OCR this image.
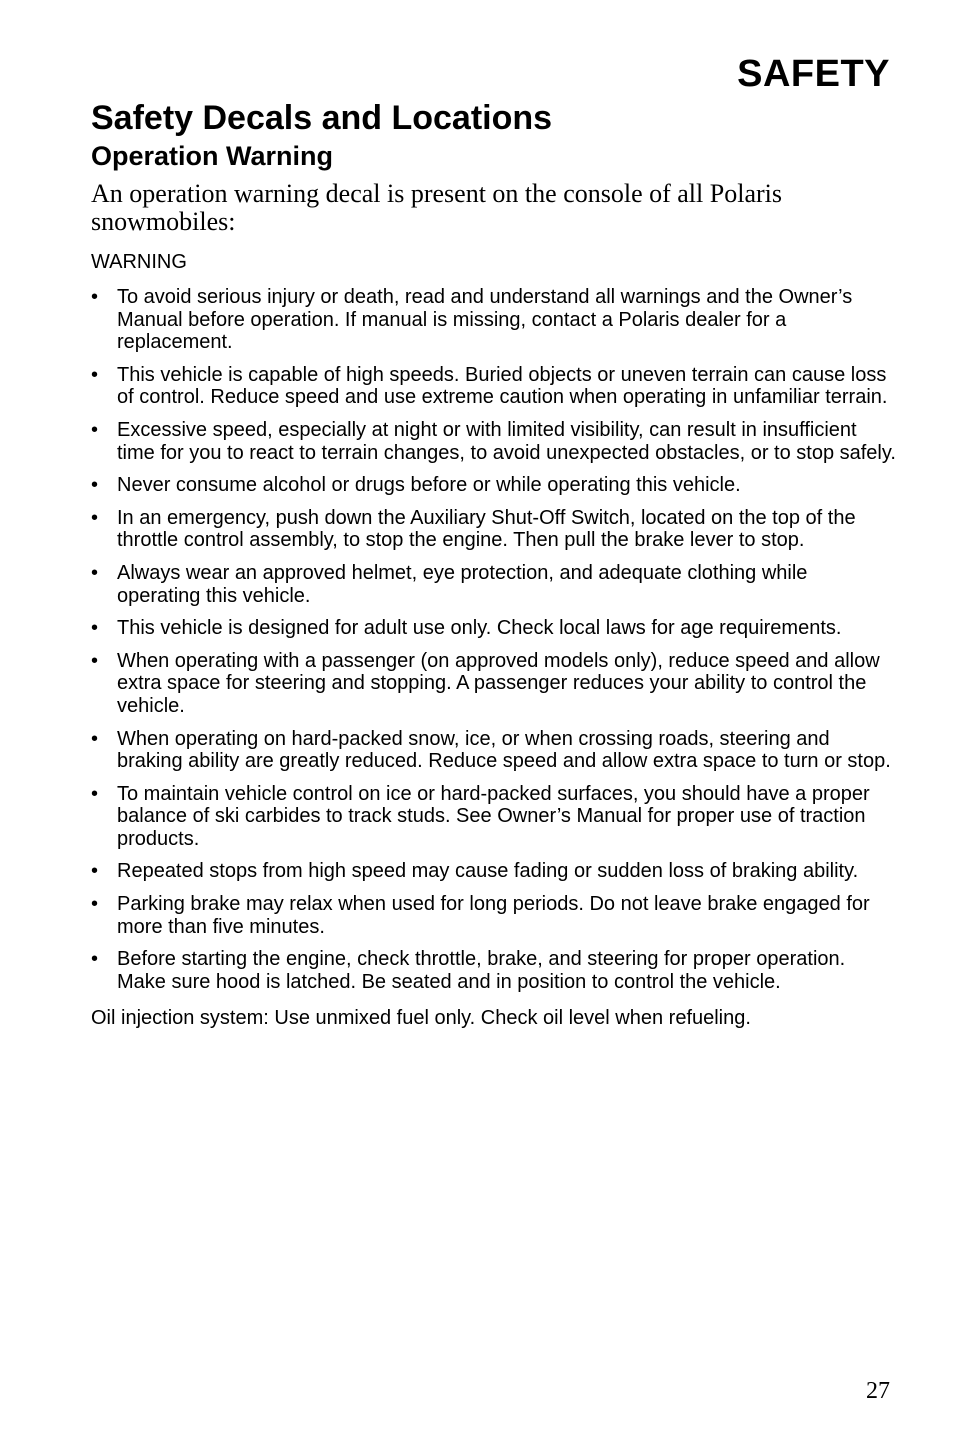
SAFETY
Safety Decals and Locations
Operation Warning

An operation warning decal is present on the console of all Polaris snowmobiles:

WARNING

• To avoid serious injury or death, read and understand all warnings and the Owner’s Manual before operation. If manual is missing, contact a Polaris dealer for a replacement.
• This vehicle is capable of high speeds. Buried objects or uneven terrain can cause loss of control. Reduce speed and use extreme caution when operating in unfamiliar terrain.
• Excessive speed, especially at night or with limited visibility, can result in insufficient time for you to react to terrain changes, to avoid unexpected obstacles, or to stop safely.
• Never consume alcohol or drugs before or while operating this vehicle.
• In an emergency, push down the Auxiliary Shut-Off Switch, located on the top of the throttle control assembly, to stop the engine. Then pull the brake lever to stop.
• Always wear an approved helmet, eye protection, and adequate clothing while operating this vehicle.
• This vehicle is designed for adult use only. Check local laws for age requirements.
• When operating with a passenger (on approved models only), reduce speed and allow extra space for steering and stopping. A passenger reduces your ability to control the vehicle.
• When operating on hard-packed snow, ice, or when crossing roads, steering and braking ability are greatly reduced. Reduce speed and allow extra space to turn or stop.
• To maintain vehicle control on ice or hard-packed surfaces, you should have a proper balance of ski carbides to track studs. See Owner’s Manual for proper use of traction products.
• Repeated stops from high speed may cause fading or sudden loss of braking ability.
• Parking brake may relax when used for long periods. Do not leave brake engaged for more than five minutes.
• Before starting the engine, check throttle, brake, and steering for proper operation. Make sure hood is latched. Be seated and in position to control the vehicle.

Oil injection system: Use unmixed fuel only. Check oil level when refueling.

27
